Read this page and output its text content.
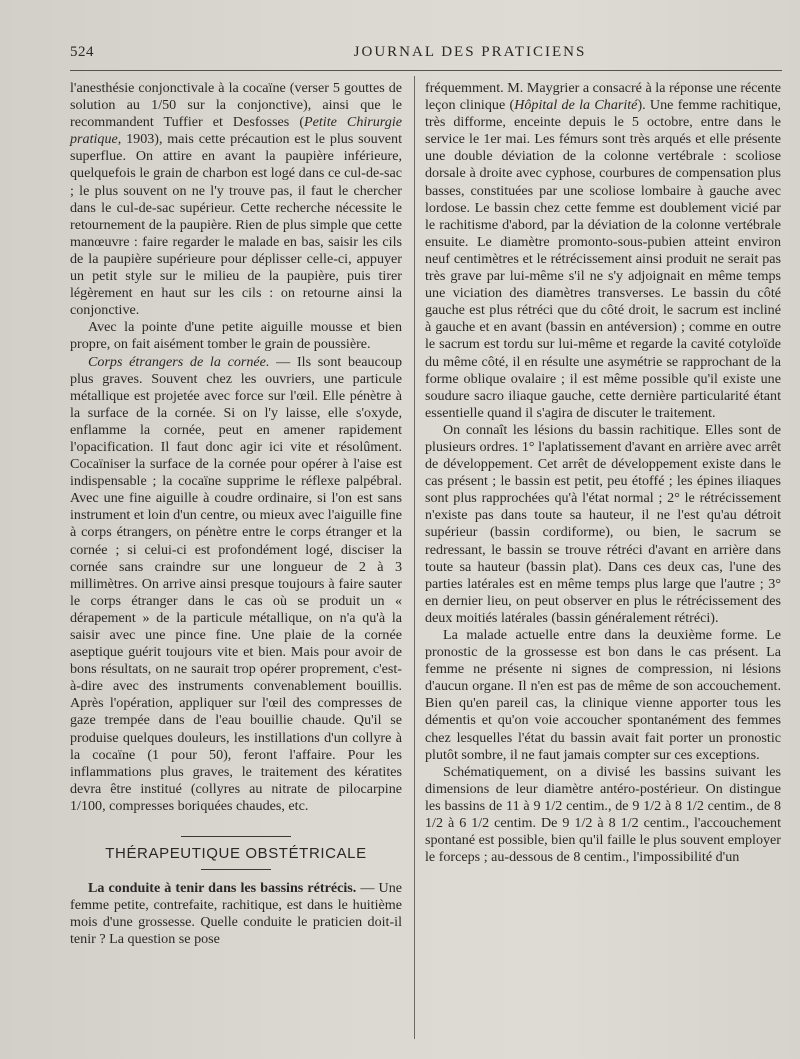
524	JOURNAL DES PRATICIENS

l'anesthésie conjonctivale à la cocaïne (verser 5 gouttes de solution au 1/50 sur la conjonctive), ainsi que le recommandent Tuffier et Desfosses (Petite Chirurgie pratique, 1903), mais cette précaution est le plus souvent superflue. On attire en avant la paupière inférieure, quelquefois le grain de charbon est logé dans ce cul-de-sac ; le plus souvent on ne l'y trouve pas, il faut le chercher dans le cul-de-sac supérieur. Cette recherche nécessite le retournement de la paupière. Rien de plus simple que cette manœuvre : faire regarder le malade en bas, saisir les cils de la paupière supérieure pour déplisser celle-ci, appuyer un petit style sur le milieu de la paupière, puis tirer légèrement en haut sur les cils : on retourne ainsi la conjonctive.

Avec la pointe d'une petite aiguille mousse et bien propre, on fait aisément tomber le grain de poussière.

Corps étrangers de la cornée. — Ils sont beaucoup plus graves. Souvent chez les ouvriers, une particule métallique est projetée avec force sur l'œil. Elle pénètre à la surface de la cornée. Si on l'y laisse, elle s'oxyde, enflamme la cornée, peut en amener rapidement l'opacification. Il faut donc agir ici vite et résolûment. Cocaïniser la surface de la cornée pour opérer à l'aise est indispensable ; la cocaïne supprime le réflexe palpébral. Avec une fine aiguille à coudre ordinaire, si l'on est sans instrument et loin d'un centre, ou mieux avec l'aiguille fine à corps étrangers, on pénètre entre le corps étranger et la cornée ; si celui-ci est profondément logé, disciser la cornée sans craindre sur une longueur de 2 à 3 millimètres. On arrive ainsi presque toujours à faire sauter le corps étranger dans le cas où se produit un « dérapement » de la particule métallique, on n'a qu'à la saisir avec une pince fine. Une plaie de la cornée aseptique guérit toujours vite et bien. Mais pour avoir de bons résultats, on ne saurait trop opérer proprement, c'est-à-dire avec des instruments convenablement bouillis. Après l'opération, appliquer sur l'œil des compresses de gaze trempée dans de l'eau bouillie chaude. Qu'il se produise quelques douleurs, les instillations d'un collyre à la cocaïne (1 pour 50), feront l'affaire. Pour les inflammations plus graves, le traitement des kératites devra être institué (collyres au nitrate de pilocarpine 1/100, compresses boriquées chaudes, etc.

THÉRAPEUTIQUE OBSTÉTRICALE

La conduite à tenir dans les bassins rétrécis. — Une femme petite, contrefaite, rachitique, est dans le huitième mois d'une grossesse. Quelle conduite le praticien doit-il tenir ? La question se pose

fréquemment. M. Maygrier a consacré à la réponse une récente leçon clinique (Hôpital de la Charité). Une femme rachitique, très difforme, enceinte depuis le 5 octobre, entre dans le service le 1er mai. Les fémurs sont très arqués et elle présente une double déviation de la colonne vertébrale : scoliose dorsale à droite avec cyphose, courbures de compensation plus basses, constituées par une scoliose lombaire à gauche avec lordose. Le bassin chez cette femme est doublement vicié par le rachitisme d'abord, par la déviation de la colonne vertébrale ensuite. Le diamètre promonto-sous-pubien atteint environ neuf centimètres et le rétrécissement ainsi produit ne serait pas très grave par lui-même s'il ne s'y adjoignait en même temps une viciation des diamètres transverses. Le bassin du côté gauche est plus rétréci que du côté droit, le sacrum est incliné à gauche et en avant (bassin en antéversion) ; comme en outre le sacrum est tordu sur lui-même et regarde la cavité cotyloïde du même côté, il en résulte une asymétrie se rapprochant de la forme oblique ovalaire ; il est même possible qu'il existe une soudure sacro iliaque gauche, cette dernière particularité étant essentielle quand il s'agira de discuter le traitement.

On connaît les lésions du bassin rachitique. Elles sont de plusieurs ordres. 1° l'aplatissement d'avant en arrière avec arrêt de développement. Cet arrêt de développement existe dans le cas présent ; le bassin est petit, peu étoffé ; les épines iliaques sont plus rapprochées qu'à l'état normal ; 2° le rétrécissement n'existe pas dans toute sa hauteur, il ne l'est qu'au détroit supérieur (bassin cordiforme), ou bien, le sacrum se redressant, le bassin se trouve rétréci d'avant en arrière dans toute sa hauteur (bassin plat). Dans ces deux cas, l'une des parties latérales est en même temps plus large que l'autre ; 3° en dernier lieu, on peut observer en plus le rétrécissement des deux moitiés latérales (bassin généralement rétréci).

La malade actuelle entre dans la deuxième forme. Le pronostic de la grossesse est bon dans le cas présent. La femme ne présente ni signes de compression, ni lésions d'aucun organe. Il n'en est pas de même de son accouchement. Bien qu'en pareil cas, la clinique vienne apporter tous les démentis et qu'on voie accoucher spontanément des femmes chez lesquelles l'état du bassin avait fait porter un pronostic plutôt sombre, il ne faut jamais compter sur ces exceptions.

Schématiquement, on a divisé les bassins suivant les dimensions de leur diamètre antéro-postérieur. On distingue les bassins de 11 à 9 1/2 centim., de 9 1/2 à 8 1/2 centim., de 8 1/2 à 6 1/2 centim. De 9 1/2 à 8 1/2 centim., l'accouchement spontané est possible, bien qu'il faille le plus souvent employer le forceps ; au-dessous de 8 centim., l'impossibilité d'un
